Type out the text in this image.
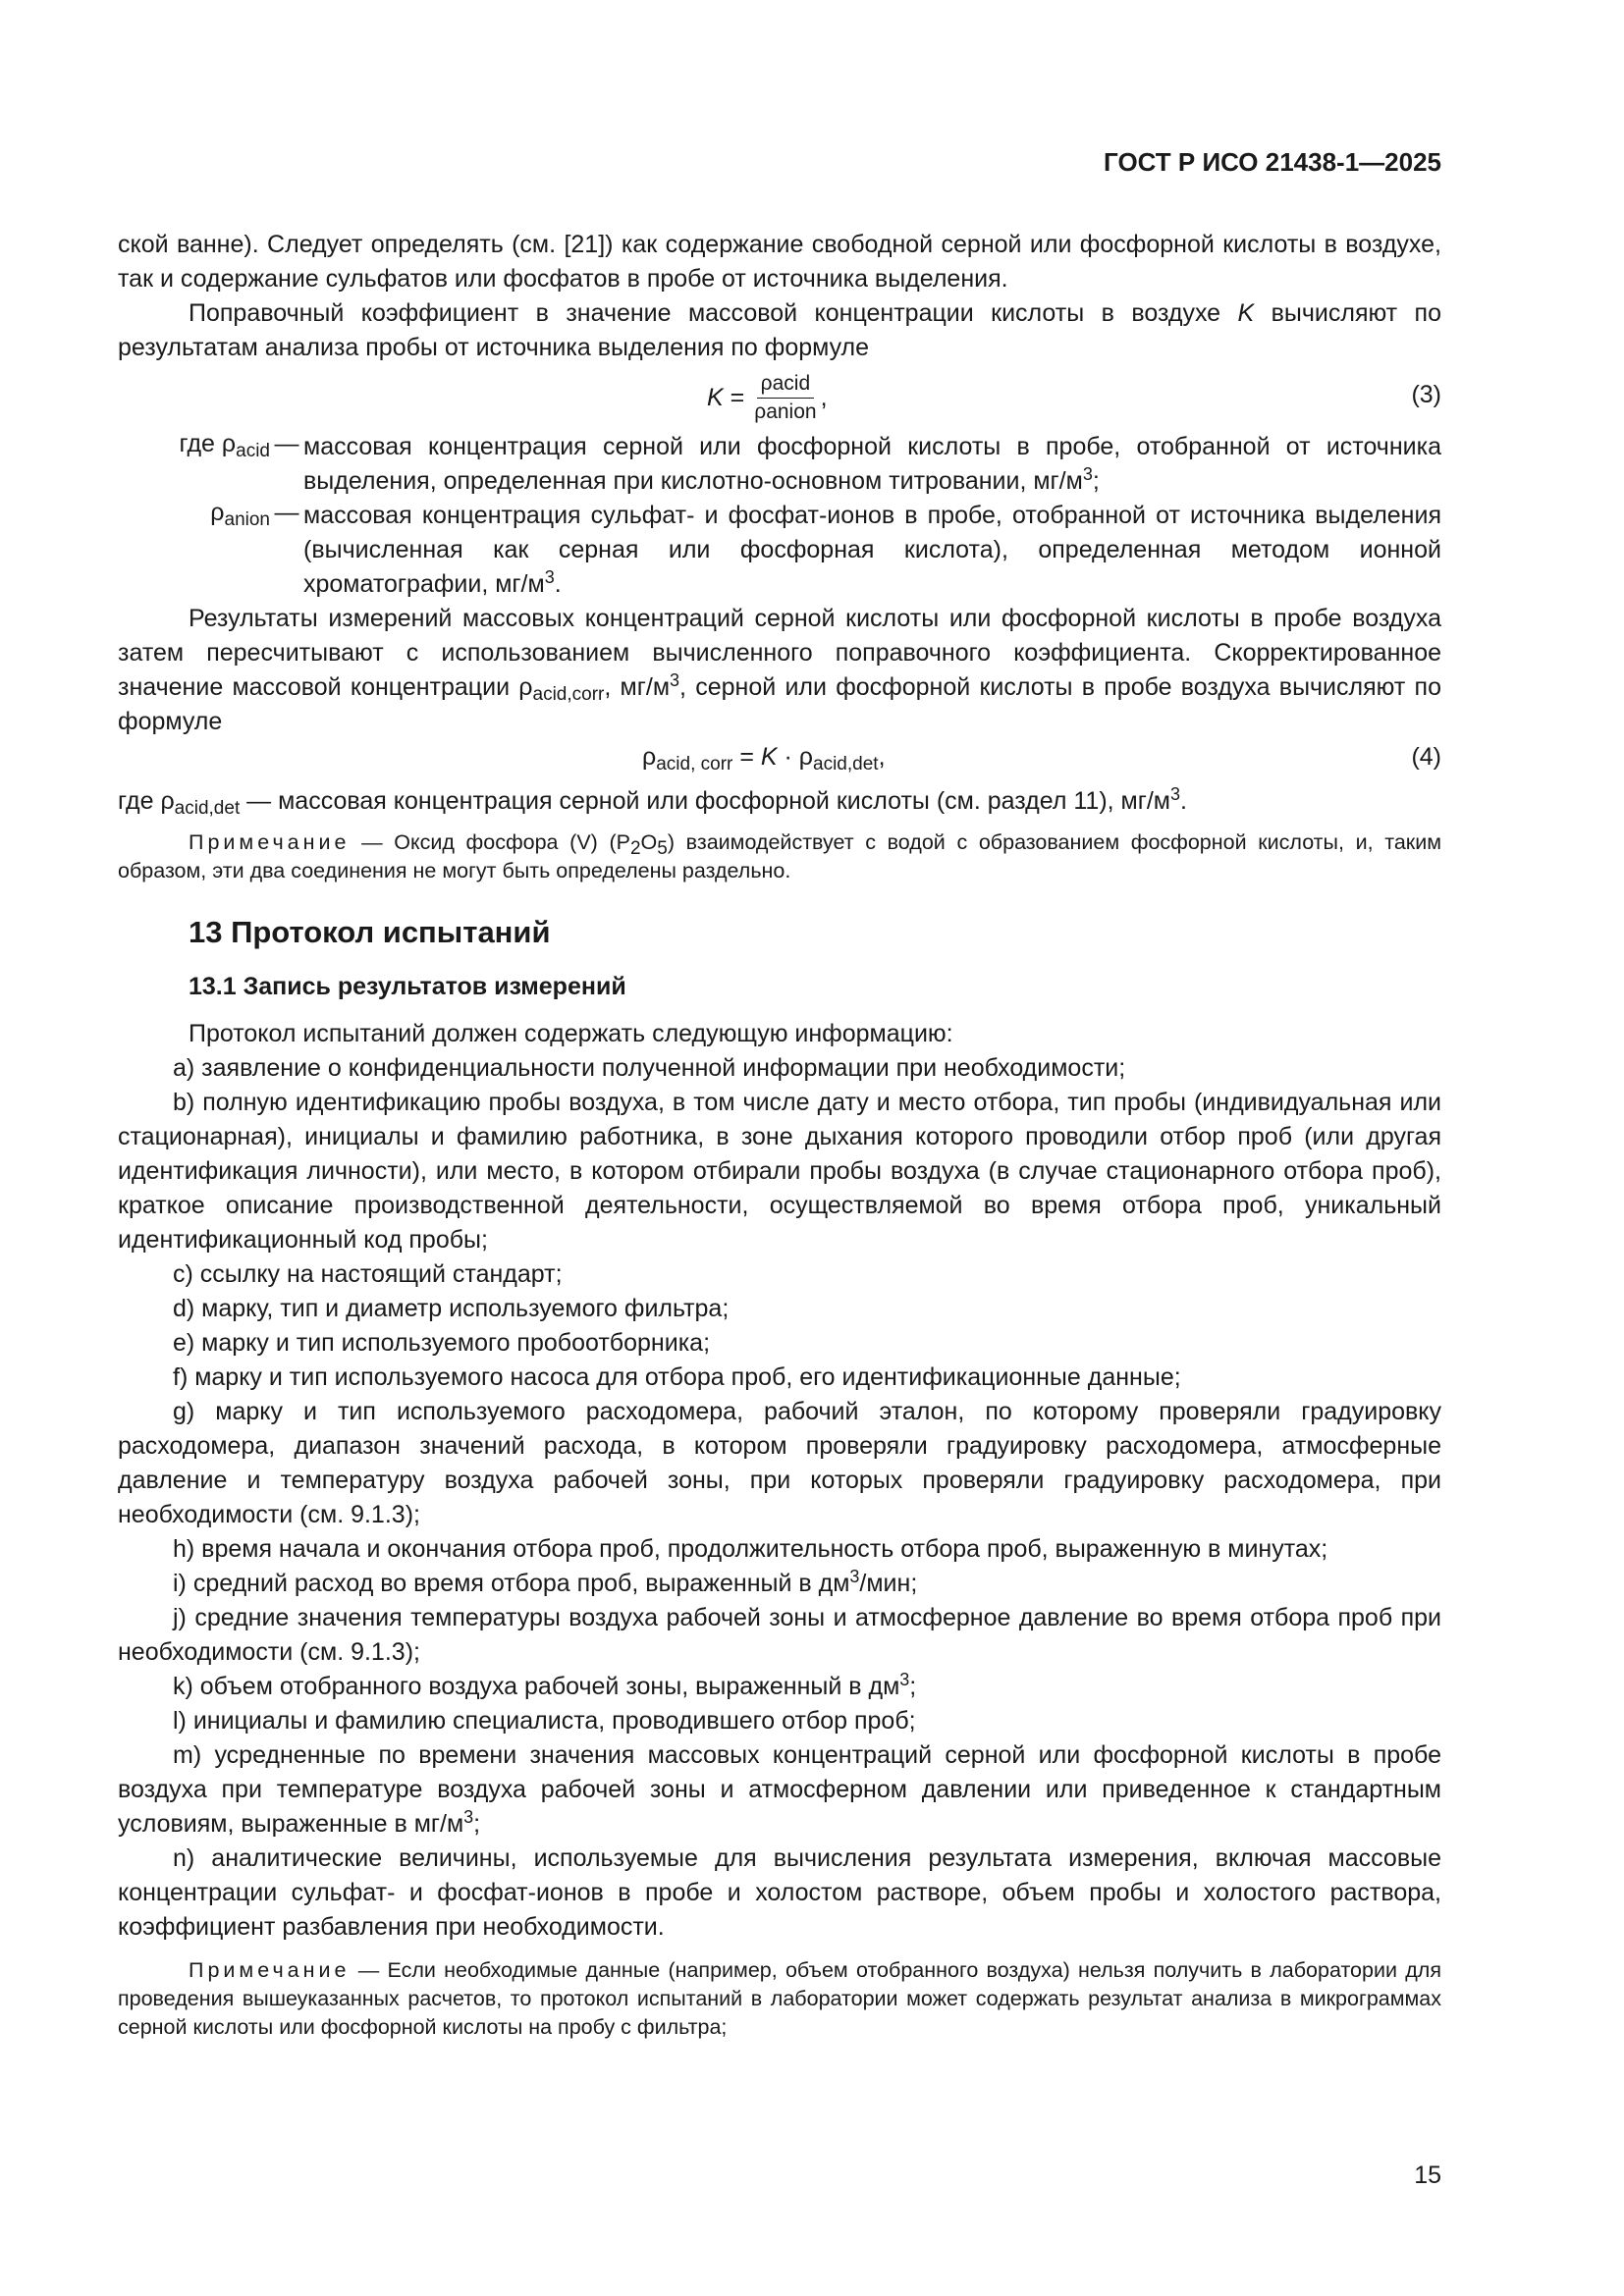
ГОСТ Р ИСО 21438-1—2025

ской ванне). Следует определять (см. [21]) как содержание свободной серной или фосфорной кислоты в воздухе, так и содержание сульфатов или фосфатов в пробе от источника выделения.

Поправочный коэффициент в значение массовой концентрации кислоты в воздухе K вычисляют по результатам анализа пробы от источника выделения по формуле

$K = \frac{\text{ρacid}}{\text{ρanion}}$ ,	(3)
где $\rho_{acid}$ — массовая концентрация серной или фосфорной кислоты в пробе, отобранной от источника выделения, определенная при кислотно-основном титровании, $мг/м^3$;
$\rho_{anion}$ — массовая концентрация сульфат- и фосфат-ионов в пробе, отобранной от источника выделения (вычисленная как серная или фосфорная кислота), определенная методом ионной хроматографии, $мг/м^3$.

Результаты измерений массовых концентраций серной кислоты или фосфорной кислоты в пробе воздуха затем пересчитывают с использованием вычисленного поправочного коэффициента. Скорректированное значение массовой концентрации $\rho_{acid,corr}$, $мг/м^3$, серной или фосфорной кислоты в пробе воздуха вычисляют по формуле

$\rho_{acid, corr} = K \cdot \rho_{acid,det}$,	(4)

где $\rho_{acid,det}$ — массовая концентрация серной или фосфорной кислоты (см. раздел 11), $мг/м^3$.

Примечание — Оксид фосфора (V) $(P_2O_5)$ взаимодействует с водой с образованием фосфорной кислоты, и, таким образом, эти два соединения не могут быть определены раздельно.

13 Протокол испытаний
13.1 Запись результатов измерений

Протокол испытаний должен содержать следующую информацию:

a) заявление о конфиденциальности полученной информации при необходимости;

b) полную идентификацию пробы воздуха, в том числе дату и место отбора, тип пробы (индивидуальная или стационарная), инициалы и фамилию работника, в зоне дыхания которого проводили отбор проб (или другая идентификация личности), или место, в котором отбирали пробы воздуха (в случае стационарного отбора проб), краткое описание производственной деятельности, осуществляемой во время отбора проб, уникальный идентификационный код пробы;

c) ссылку на настоящий стандарт;

d) марку, тип и диаметр используемого фильтра;

e) марку и тип используемого пробоотборника;

f) марку и тип используемого насоса для отбора проб, его идентификационные данные;

g) марку и тип используемого расходомера, рабочий эталон, по которому проверяли градуировку расходомера, диапазон значений расхода, в котором проверяли градуировку расходомера, атмосферные давление и температуру воздуха рабочей зоны, при которых проверяли градуировку расходомера, при необходимости (см. 9.1.3);

h) время начала и окончания отбора проб, продолжительность отбора проб, выраженную в минутах;

i) средний расход во время отбора проб, выраженный в $дм^3$/мин;

j) средние значения температуры воздуха рабочей зоны и атмосферное давление во время отбора проб при необходимости (см. 9.1.3);

k) объем отобранного воздуха рабочей зоны, выраженный в $дм^3$;

l) инициалы и фамилию специалиста, проводившего отбор проб;

m) усредненные по времени значения массовых концентраций серной или фосфорной кислоты в пробе воздуха при температуре воздуха рабочей зоны и атмосферном давлении или приведенное к стандартным условиям, выраженные в $мг/м^3$;

n) аналитические величины, используемые для вычисления результата измерения, включая массовые концентрации сульфат- и фосфат-ионов в пробе и холостом растворе, объем пробы и холостого раствора, коэффициент разбавления при необходимости.

Примечание — Если необходимые данные (например, объем отобранного воздуха) нельзя получить в лаборатории для проведения вышеуказанных расчетов, то протокол испытаний в лаборатории может содержать результат анализа в микрограммах серной кислоты или фосфорной кислоты на пробу с фильтра;

15
